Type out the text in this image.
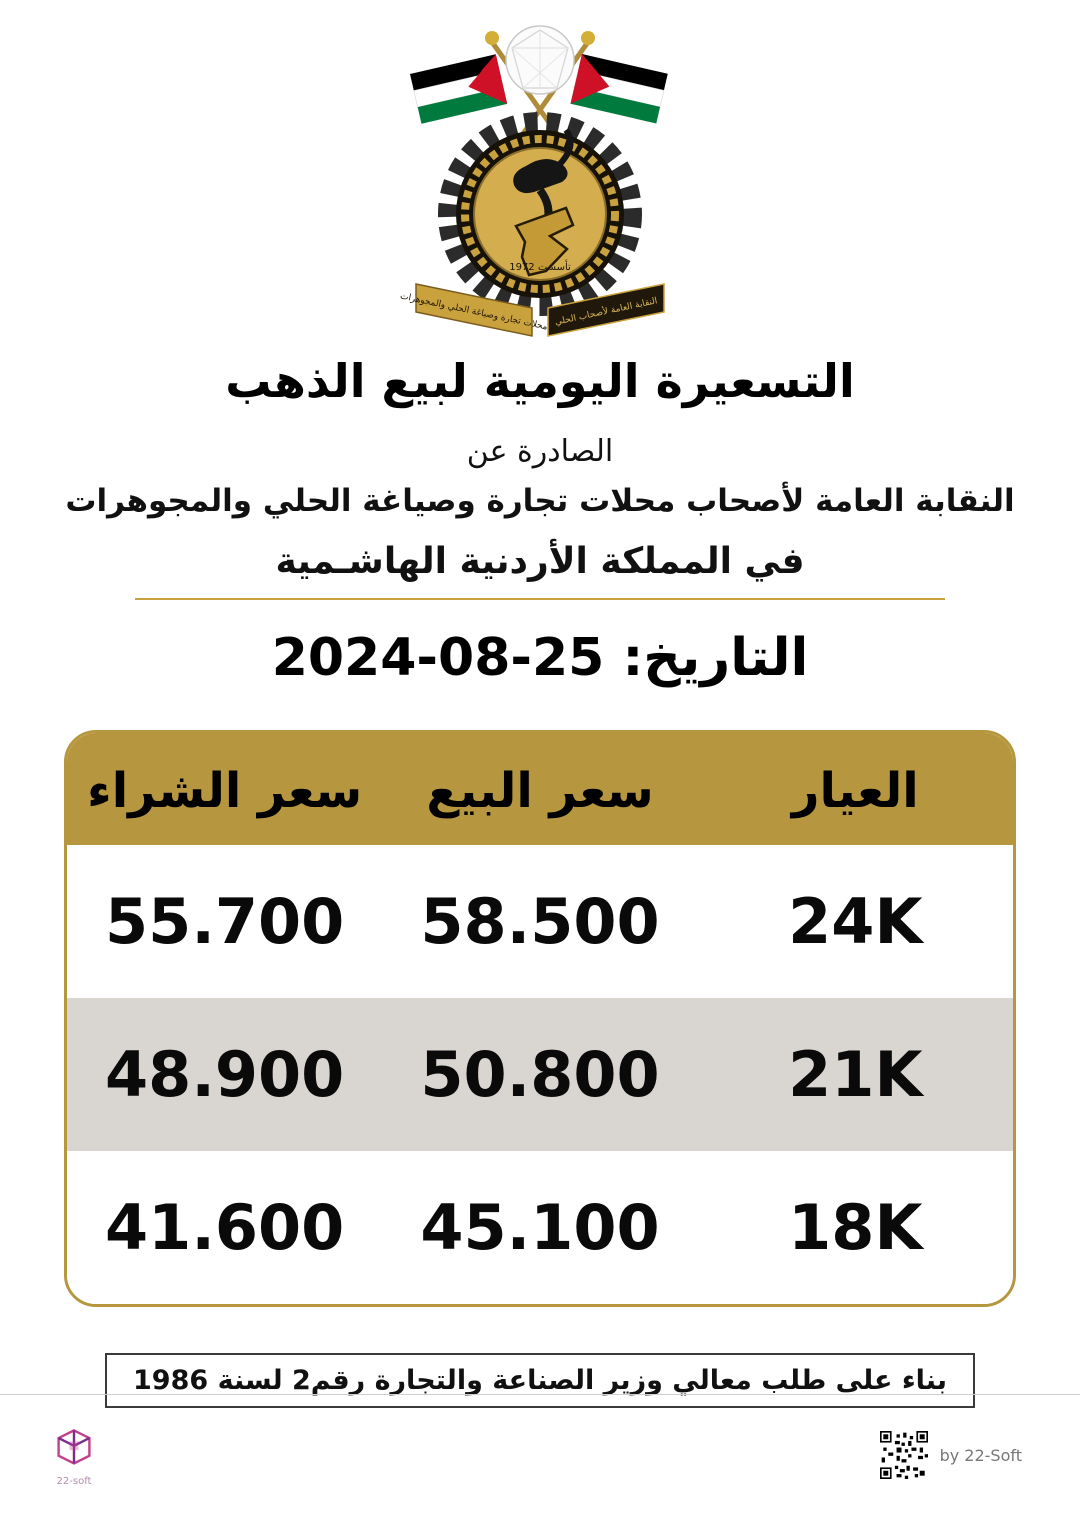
تأسست 1972
محلات تجارة وصياغة الحلي والمجوهرات النقابة العامة لأصحاب الحلي
التسعيرة اليومية لبيع الذهب
الصادرة عن
النقابة العامة لأصحاب محلات تجارة وصياغة الحلي والمجوهرات
في المملكة الأردنية الهاشـمية
التاريخ: 25-08-2024
العيار
سعر البيع
سعر الشراء
24K
58.500
55.700
21K
50.800
48.900
18K
45.100
41.600
بناء على طلب معالي وزير الصناعة والتجارة رقم2 لسنة 1986
22-soft
by 22-Soft
